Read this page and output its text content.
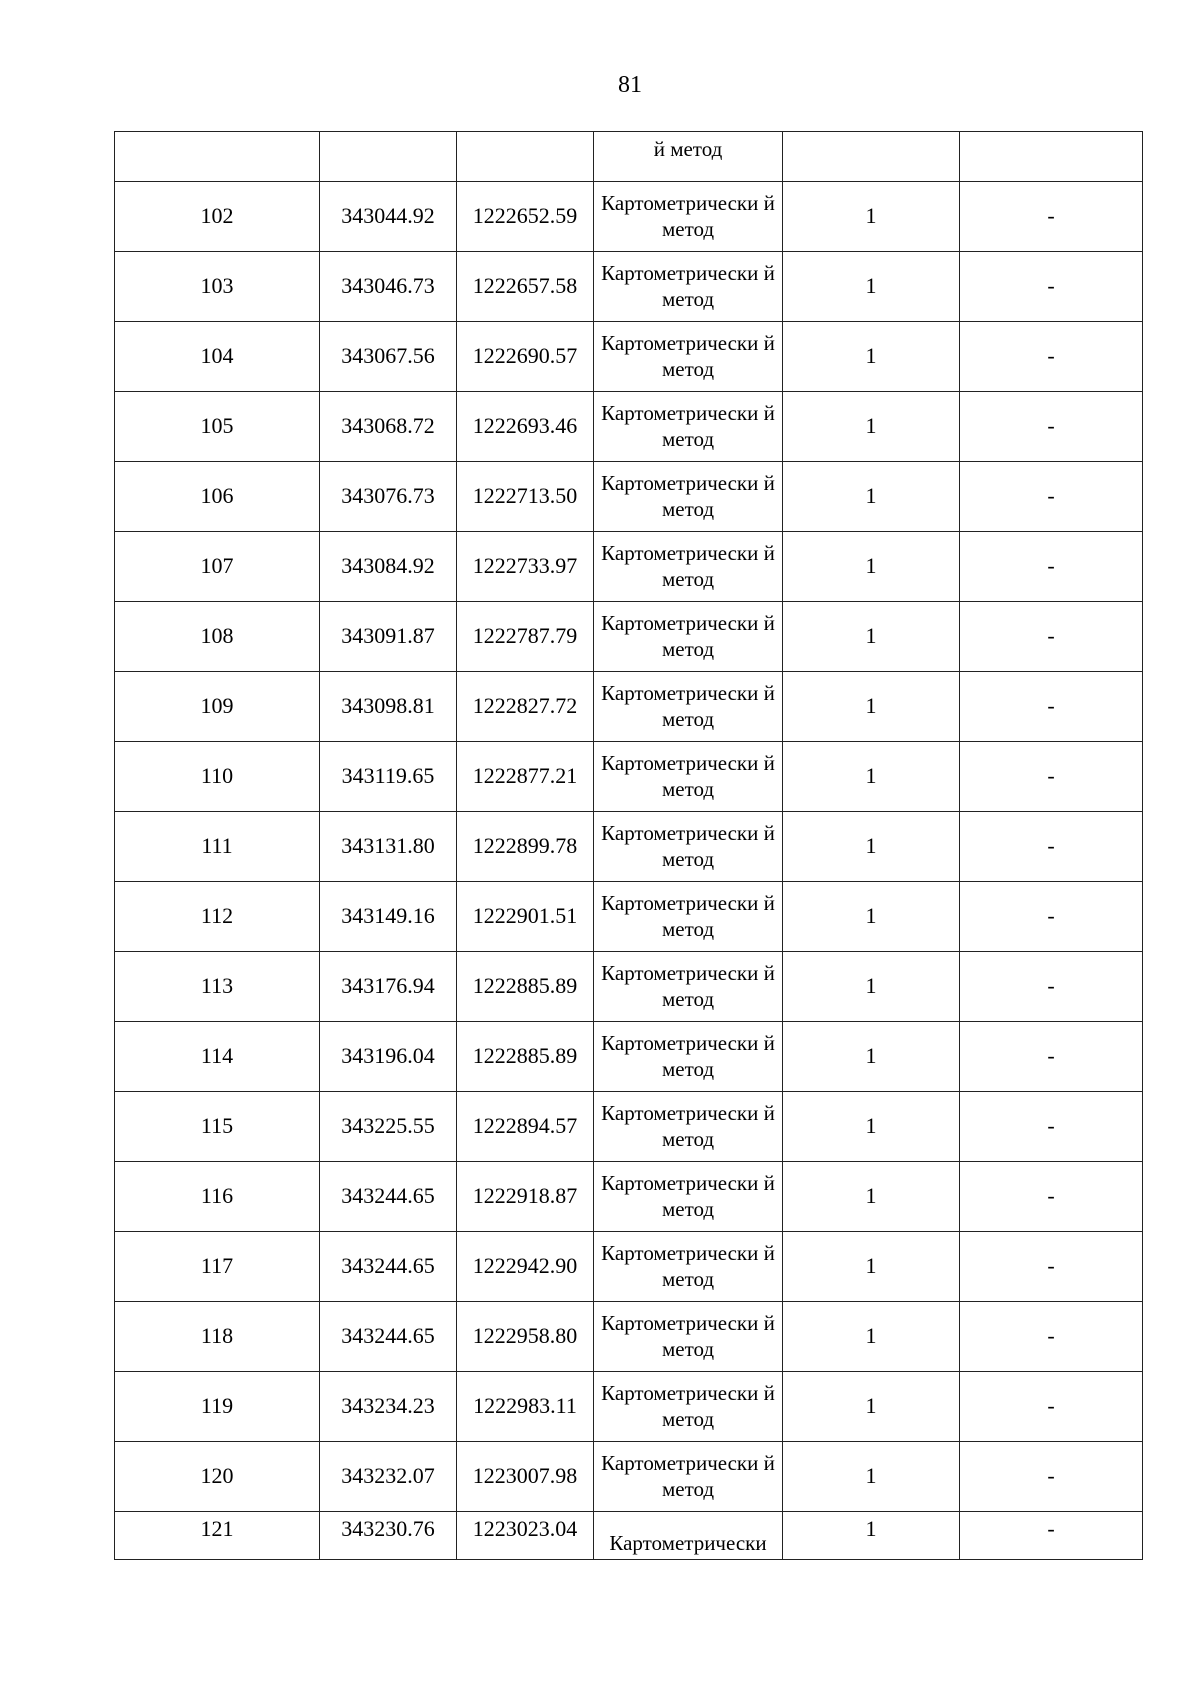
81

			й метод		

102	343044.92	1222652.59	Картометрически й метод	1	-
103	343046.73	1222657.58	Картометрически й метод	1	-
104	343067.56	1222690.57	Картометрически й метод	1	-
105	343068.72	1222693.46	Картометрически й метод	1	-
106	343076.73	1222713.50	Картометрически й метод	1	-
107	343084.92	1222733.97	Картометрически й метод	1	-
108	343091.87	1222787.79	Картометрически й метод	1	-
109	343098.81	1222827.72	Картометрически й метод	1	-
110	343119.65	1222877.21	Картометрически й метод	1	-
111	343131.80	1222899.78	Картометрически й метод	1	-
112	343149.16	1222901.51	Картометрически й метод	1	-
113	343176.94	1222885.89	Картометрически й метод	1	-
114	343196.04	1222885.89	Картометрически й метод	1	-
115	343225.55	1222894.57	Картометрически й метод	1	-
116	343244.65	1222918.87	Картометрически й метод	1	-
117	343244.65	1222942.90	Картометрически й метод	1	-
118	343244.65	1222958.80	Картометрически й метод	1	-
119	343234.23	1222983.11	Картометрически й метод	1	-
120	343232.07	1223007.98	Картометрически й метод	1	-
121	343230.76	1223023.04	Картометрически	1	-
